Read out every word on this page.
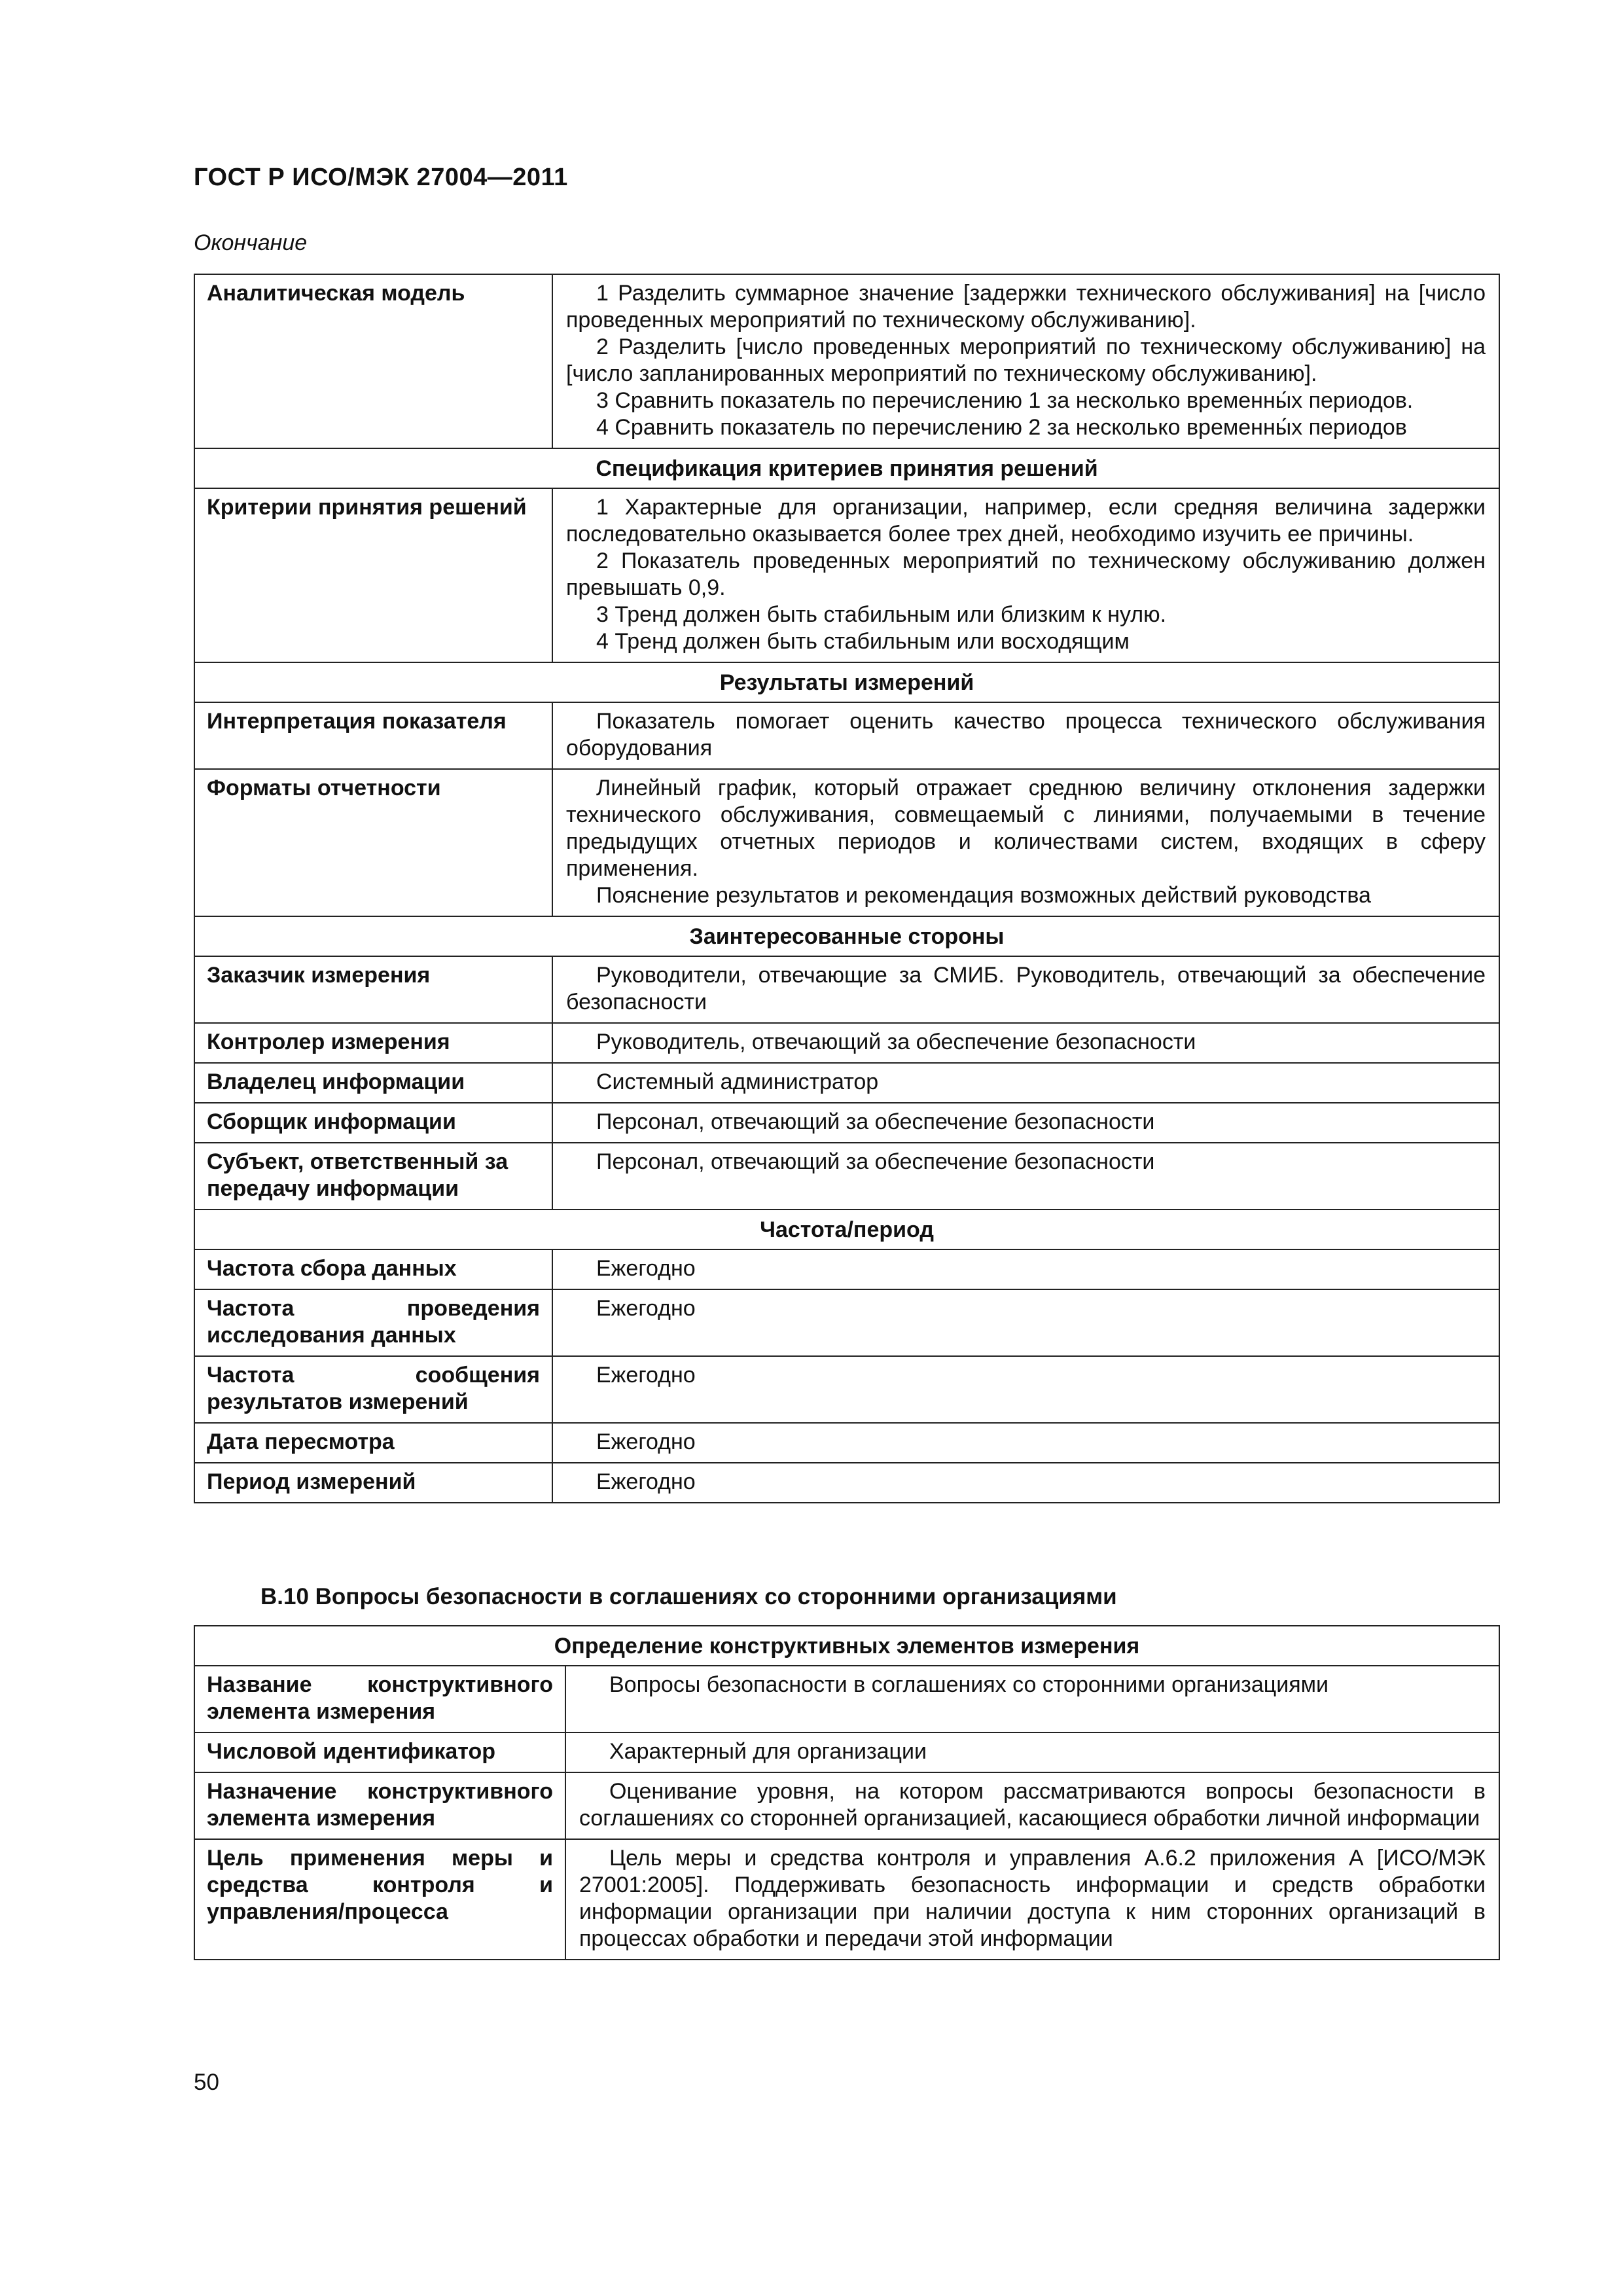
ГОСТ Р ИСО/МЭК 27004—2011
Окончание
Аналитическая модель	1 Разделить суммарное значение [задержки технического обслуживания] на [число проведенных мероприятий по техническому обслуживанию].
2 Разделить [число проведенных мероприятий по техническому обслуживанию] на [число запланированных мероприятий по техническому обслуживанию].
3 Сравнить показатель по перечислению 1 за несколько временны́х периодов.
4 Сравнить показатель по перечислению 2 за несколько временны́х периодов

Спецификация критериев принятия решений	
Критерии принятия решений	1 Характерные для организации, например, если средняя величина задержки последовательно оказывается более трех дней, необходимо изучить ее причины.
2 Показатель проведенных мероприятий по техническому обслуживанию должен превышать 0,9.
3 Тренд должен быть стабильным или близким к нулю.
4 Тренд должен быть стабильным или восходящим

Результаты измерений	
Интерпретация показателя	Показатель помогает оценить качество процесса технического обслуживания оборудования

Форматы отчетности	Линейный график, который отражает среднюю величину отклонения задержки технического обслуживания, совмещаемый с линиями, получаемыми в течение предыдущих отчетных периодов и количествами систем, входящих в сферу применения.
Пояснение результатов и рекомендация возможных действий руководства

Заинтересованные стороны	
Заказчик измерения	Руководители, отвечающие за СМИБ. Руководитель, отвечающий за обеспечение безопасности

Контролер измерения	Руководитель, отвечающий за обеспечение безопасности

Владелец информации	Системный администратор

Сборщик информации	Персонал, отвечающий за обеспечение безопасности

Субъект, ответственный за передачу информации	Персонал, отвечающий за обеспечение безопасности

Частота/период	
Частота сбора данных	Ежегодно

Частота проведения исследования данных	Ежегодно

Частота сообщения результатов измерений	Ежегодно

Дата пересмотра	Ежегодно

Период измерений	Ежегодно
В.10 Вопросы безопасности в соглашениях со сторонними организациями
Определение конструктивных элементов измерения	
Название конструктивного элемента измерения	Вопросы безопасности в соглашениях со сторонними организациями

Числовой идентификатор	Характерный для организации

Назначение конструктивного элемента измерения	Оценивание уровня, на котором рассматриваются вопросы безопасности в соглашениях со сторонней организацией, касающиеся обработки личной информации

Цель применения меры и средства контроля и управления/процесса	Цель меры и средства контроля и управления А.6.2 приложения А [ИСО/МЭК 27001:2005]. Поддерживать безопасность информации и средств обработки информации организации при наличии доступа к ним сторонних организаций в процессах обработки и передачи этой информации
50
